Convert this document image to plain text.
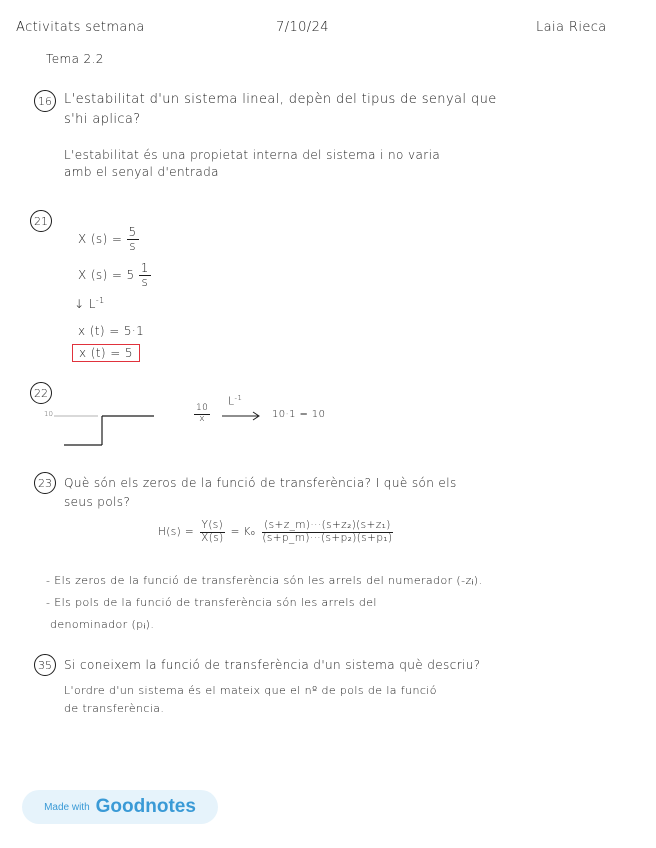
Activitats setmana	7/10/24	Laia Rieca
Tema 2.2
16 L'estabilitat d'un sistema lineal, depèn del tipus de senyal que
s'hi aplica?
L'estabilitat és una propietat interna del sistema i no varia
amb el senyal d'entrada
21
X $(s) = \frac{5}{s}$
X $(s) = 5 \frac{1}{s}$
↓ $L^{-1}$
x (t) = 5·1
x (t) = 5
22
10	$\frac{10}{x}$
$L^{-1}$
10·1 = 10
23 Què són els zeros de la funció de transferència? I què són els
seus pols?
$H(s) = \frac{Y(s)}{X(s)} = K_0 \frac{\text{(s+z\_m)···(s+z₂)(s+z₁)}}{\text{(s+p\_m)···(s+p₂)(s+p₁)}}$
- Els zeros de la funció de transferència són les arrels del numerador (-zᵢ).
- Els pols de la funció de transferència són les arrels del
denominador (pᵢ).
35 Si coneixem la funció de transferència d'un sistema què descriu?
L'ordre d'un sistema és el mateix que el nº de pols de la funció
de transferència.
Made with Goodnotes
